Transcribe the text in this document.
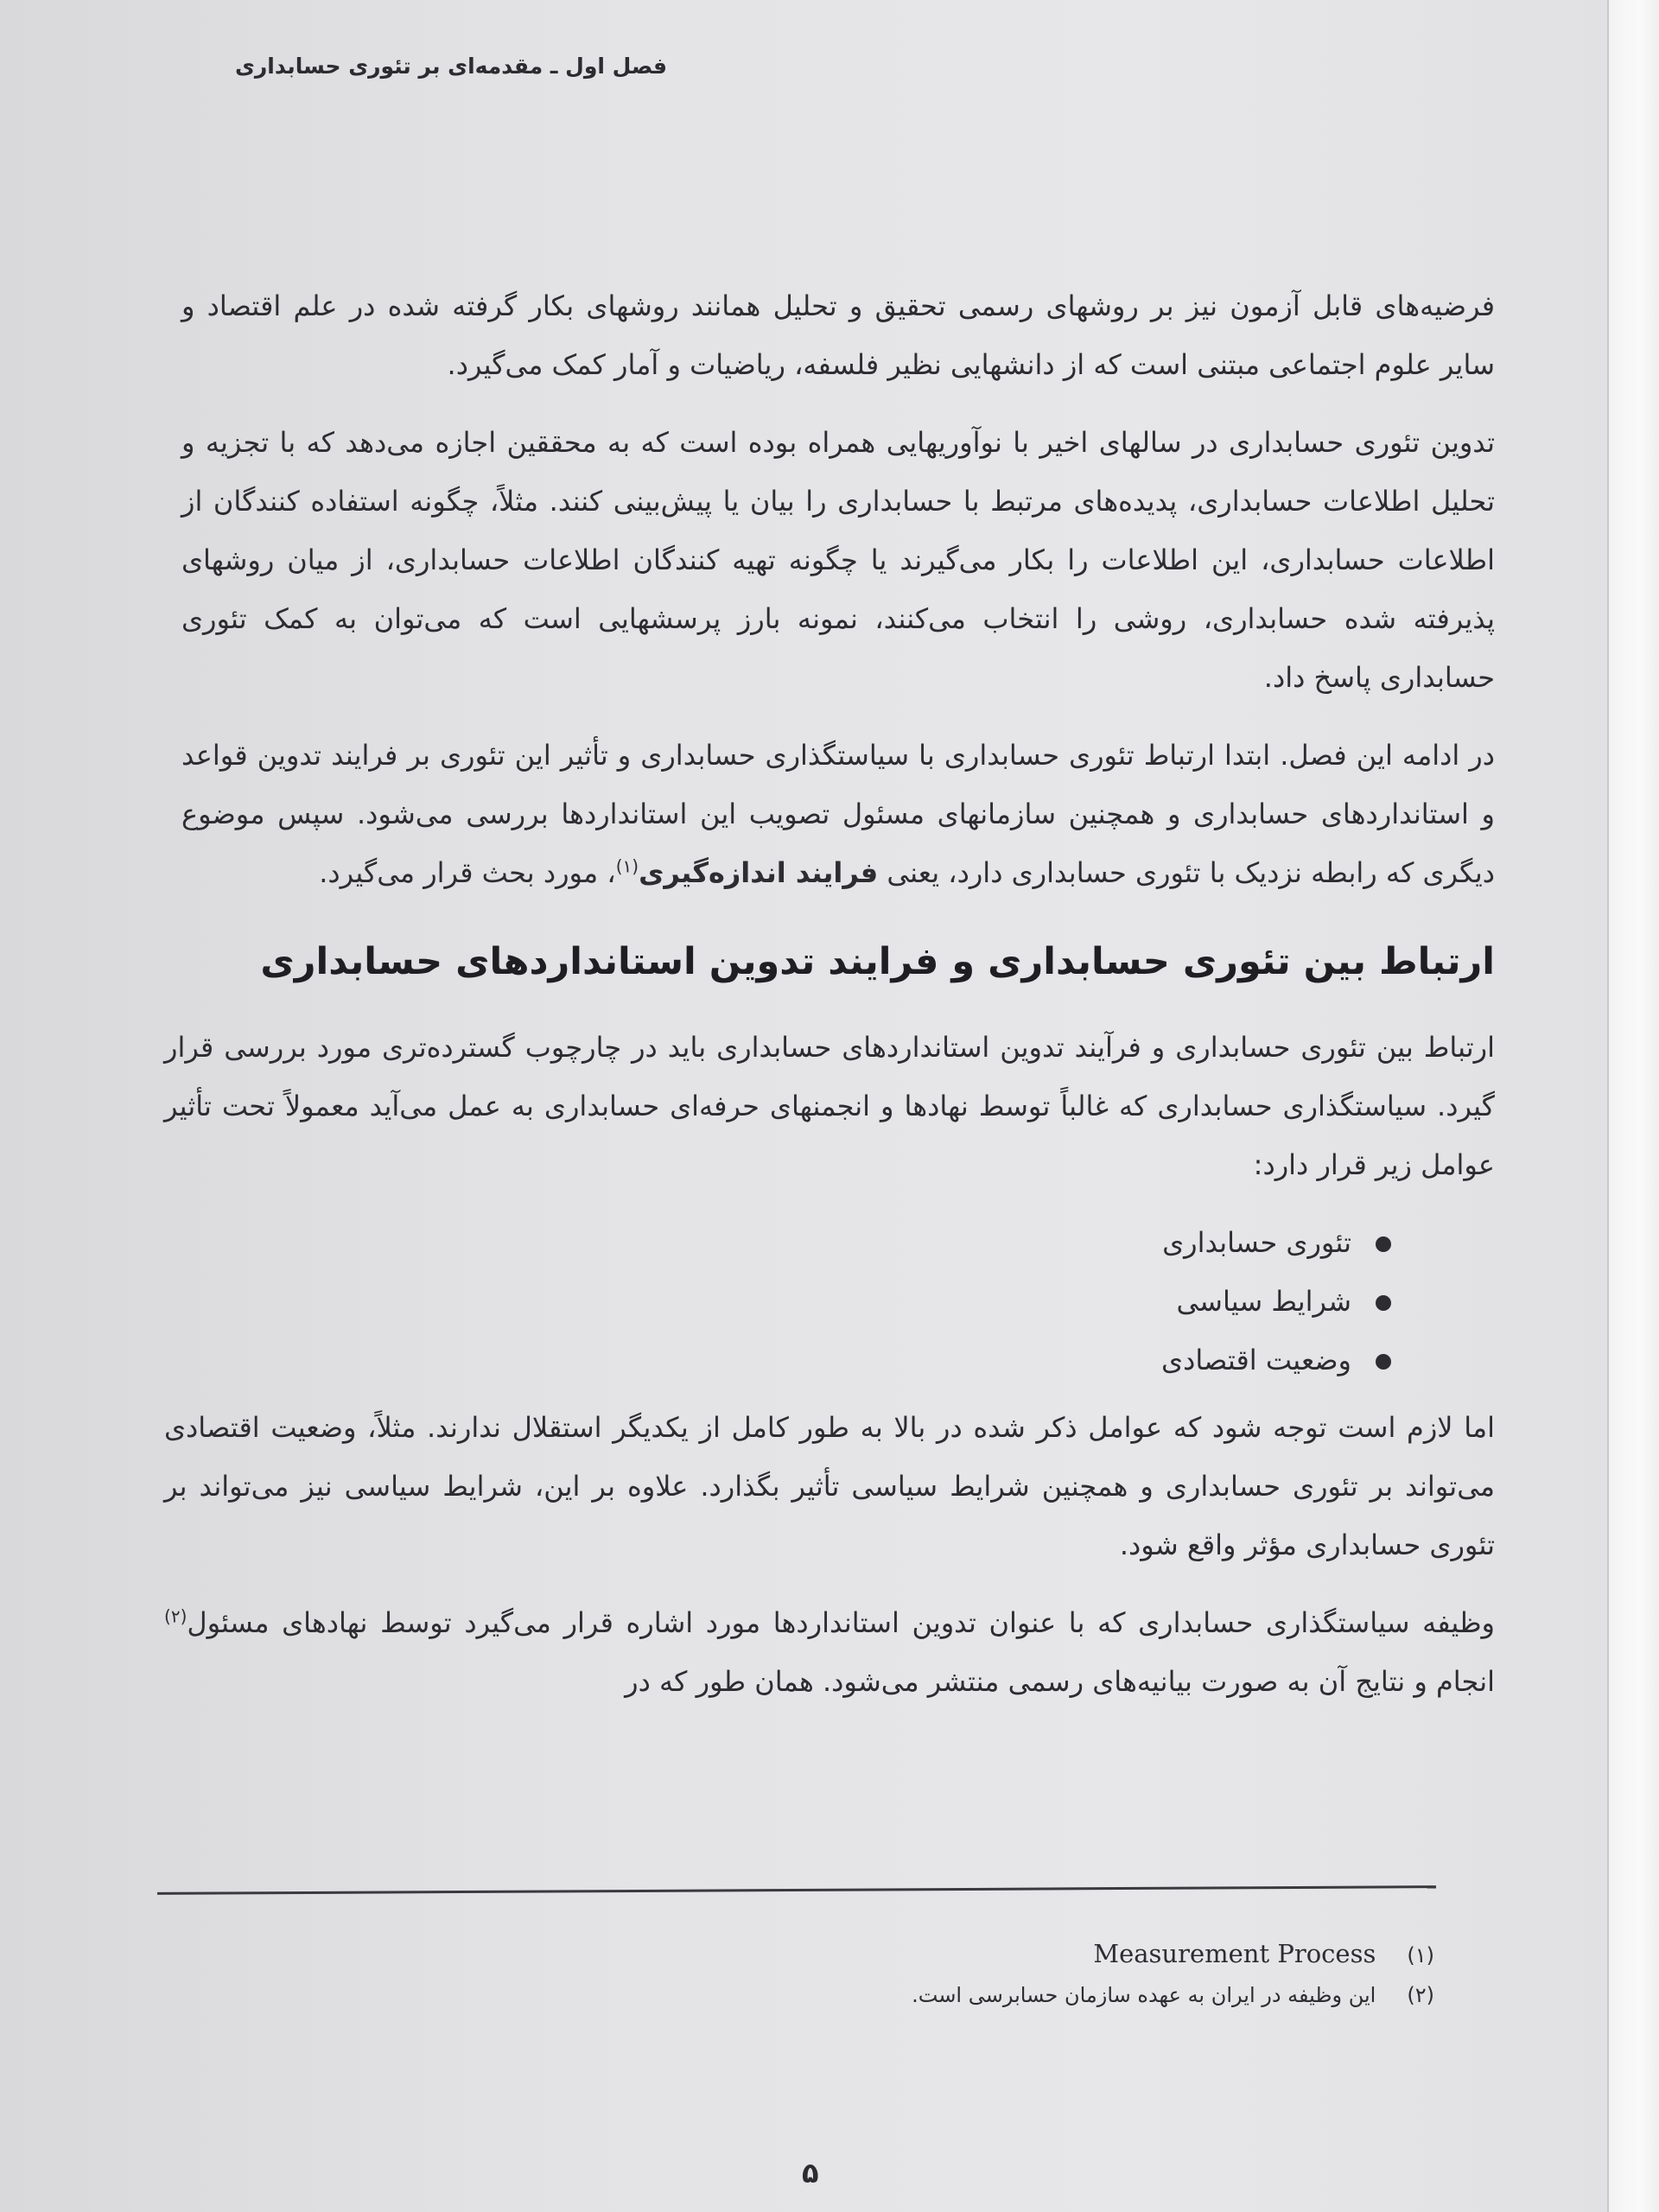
فصل اول ـ مقدمه‌ای بر تئوری حسابداری

فرضیه‌های قابل آزمون نیز بر روشهای رسمی تحقیق و تحلیل همانند روشهای بکار گرفته شده در علم اقتصاد و سایر علوم اجتماعی مبتنی است که از دانشهایی نظیر فلسفه، ریاضیات و آمار کمک می‌گیرد.

تدوین تئوری حسابداری در سالهای اخیر با نوآوریهایی همراه بوده است که به محققین اجازه می‌دهد که با تجزیه و تحلیل اطلاعات حسابداری، پدیده‌های مرتبط با حسابداری را بیان یا پیش‌بینی کنند. مثلاً، چگونه استفاده کنندگان از اطلاعات حسابداری، این اطلاعات را بکار می‌گیرند یا چگونه تهیه کنندگان اطلاعات حسابداری، از میان روشهای پذیرفته شده حسابداری، روشی را انتخاب می‌کنند، نمونه بارز پرسشهایی است که می‌توان به کمک تئوری حسابداری پاسخ داد.

در ادامه این فصل. ابتدا ارتباط تئوری حسابداری با سیاستگذاری حسابداری و تأثیر این تئوری بر فرایند تدوین قواعد و استانداردهای حسابداری و همچنین سازمانهای مسئول تصویب این استانداردها بررسی می‌شود. سپس موضوع دیگری که رابطه نزدیک با تئوری حسابداری دارد، یعنی فرایند اندازه‌گیری$^{(۱)}$، مورد بحث قرار می‌گیرد.

ارتباط بین تئوری حسابداری و فرایند تدوین استانداردهای حسابداری

ارتباط بین تئوری حسابداری و فرآیند تدوین استانداردهای حسابداری باید در چارچوب گسترده‌تری مورد بررسی قرار گیرد. سیاستگذاری حسابداری که غالباً توسط نهادها و انجمنهای حرفه‌ای حسابداری به عمل می‌آید معمولاً تحت تأثیر عوامل زیر قرار دارد:

تئوری حسابداری
شرایط سیاسی
وضعیت اقتصادی

اما لازم است توجه شود که عوامل ذکر شده در بالا به طور کامل از یکدیگر استقلال ندارند. مثلاً، وضعیت اقتصادی می‌تواند بر تئوری حسابداری و همچنین شرایط سیاسی تأثیر بگذارد. علاوه بر این، شرایط سیاسی نیز می‌تواند بر تئوری حسابداری مؤثر واقع شود.

وظیفه سیاستگذاری حسابداری که با عنوان تدوین استانداردها مورد اشاره قرار می‌گیرد توسط نهادهای مسئول$^{(۲)}$ انجام و نتایج آن به صورت بیانیه‌های رسمی منتشر می‌شود. همان طور که در

(۱) Measurement Process
(۲) این وظیفه در ایران به عهده سازمان حسابرسی است.
۵
